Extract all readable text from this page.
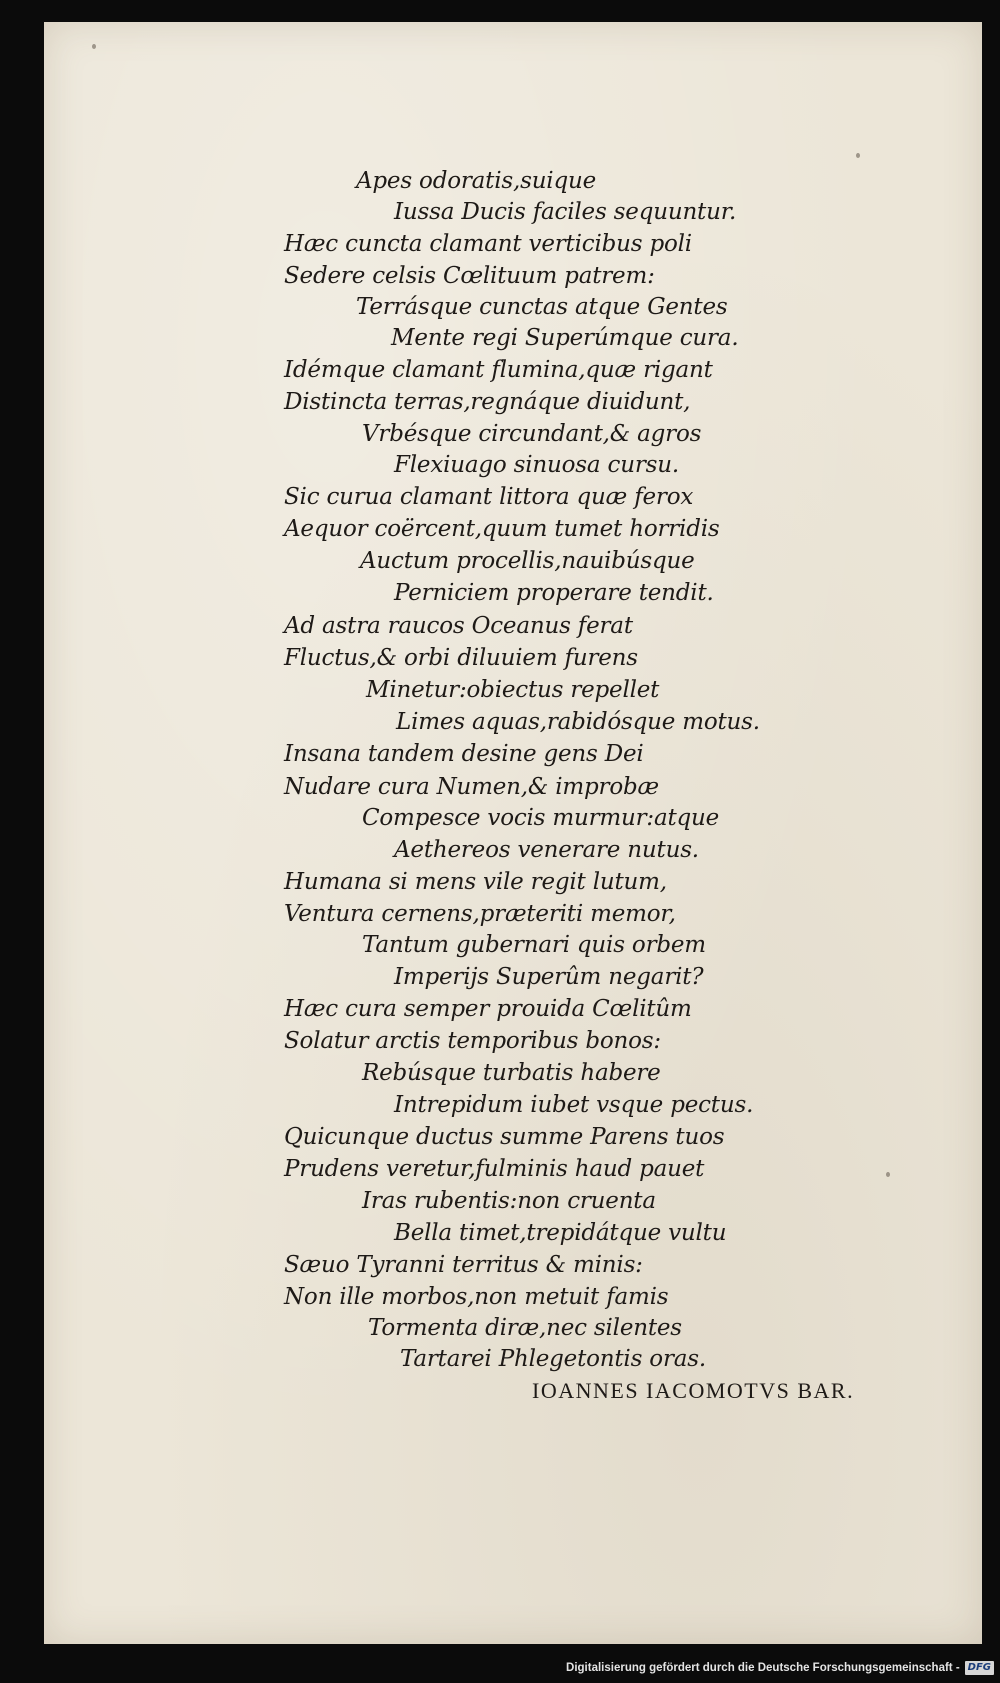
Apes odoratis,suique
Iussa Ducis faciles sequuntur.
Hæc cuncta clamant verticibus poli
Sedere celsis Cœlituum patrem:
Terrásque cunctas atque Gentes
Mente regi Superúmque cura.
Idémque clamant flumina,quæ rigant
Distincta terras,regnáque diuidunt,
Vrbésque circundant,& agros
Flexiuago sinuosa cursu.
Sic curua clamant littora quæ ferox
Aequor coërcent,quum tumet horridis
Auctum procellis,nauibúsque
Perniciem properare tendit.
Ad astra raucos Oceanus ferat
Fluctus,& orbi diluuiem furens
Minetur:obiectus repellet
Limes aquas,rabidósque motus.
Insana tandem desine gens Dei
Nudare cura Numen,& improbæ
Compesce vocis murmur:atque
Aethereos venerare nutus.
Humana si mens vile regit lutum,
Ventura cernens,præteriti memor,
Tantum gubernari quis orbem
Imperijs Superûm negarit?
Hæc cura semper prouida Cœlitûm
Solatur arctis temporibus bonos:
Rebúsque turbatis habere
Intrepidum iubet vsque pectus.
Quicunque ductus summe Parens tuos
Prudens veretur,fulminis haud pauet
Iras rubentis:non cruenta
Bella timet,trepidátque vultu
Sæuo Tyranni territus & minis:
Non ille morbos,non metuit famis
Tormenta diræ,nec silentes
Tartarei Phlegetontis oras.
IOANNES IACOMOTVS BAR.
Digitalisierung gefördert durch die Deutsche Forschungsgemeinschaft - DFG
